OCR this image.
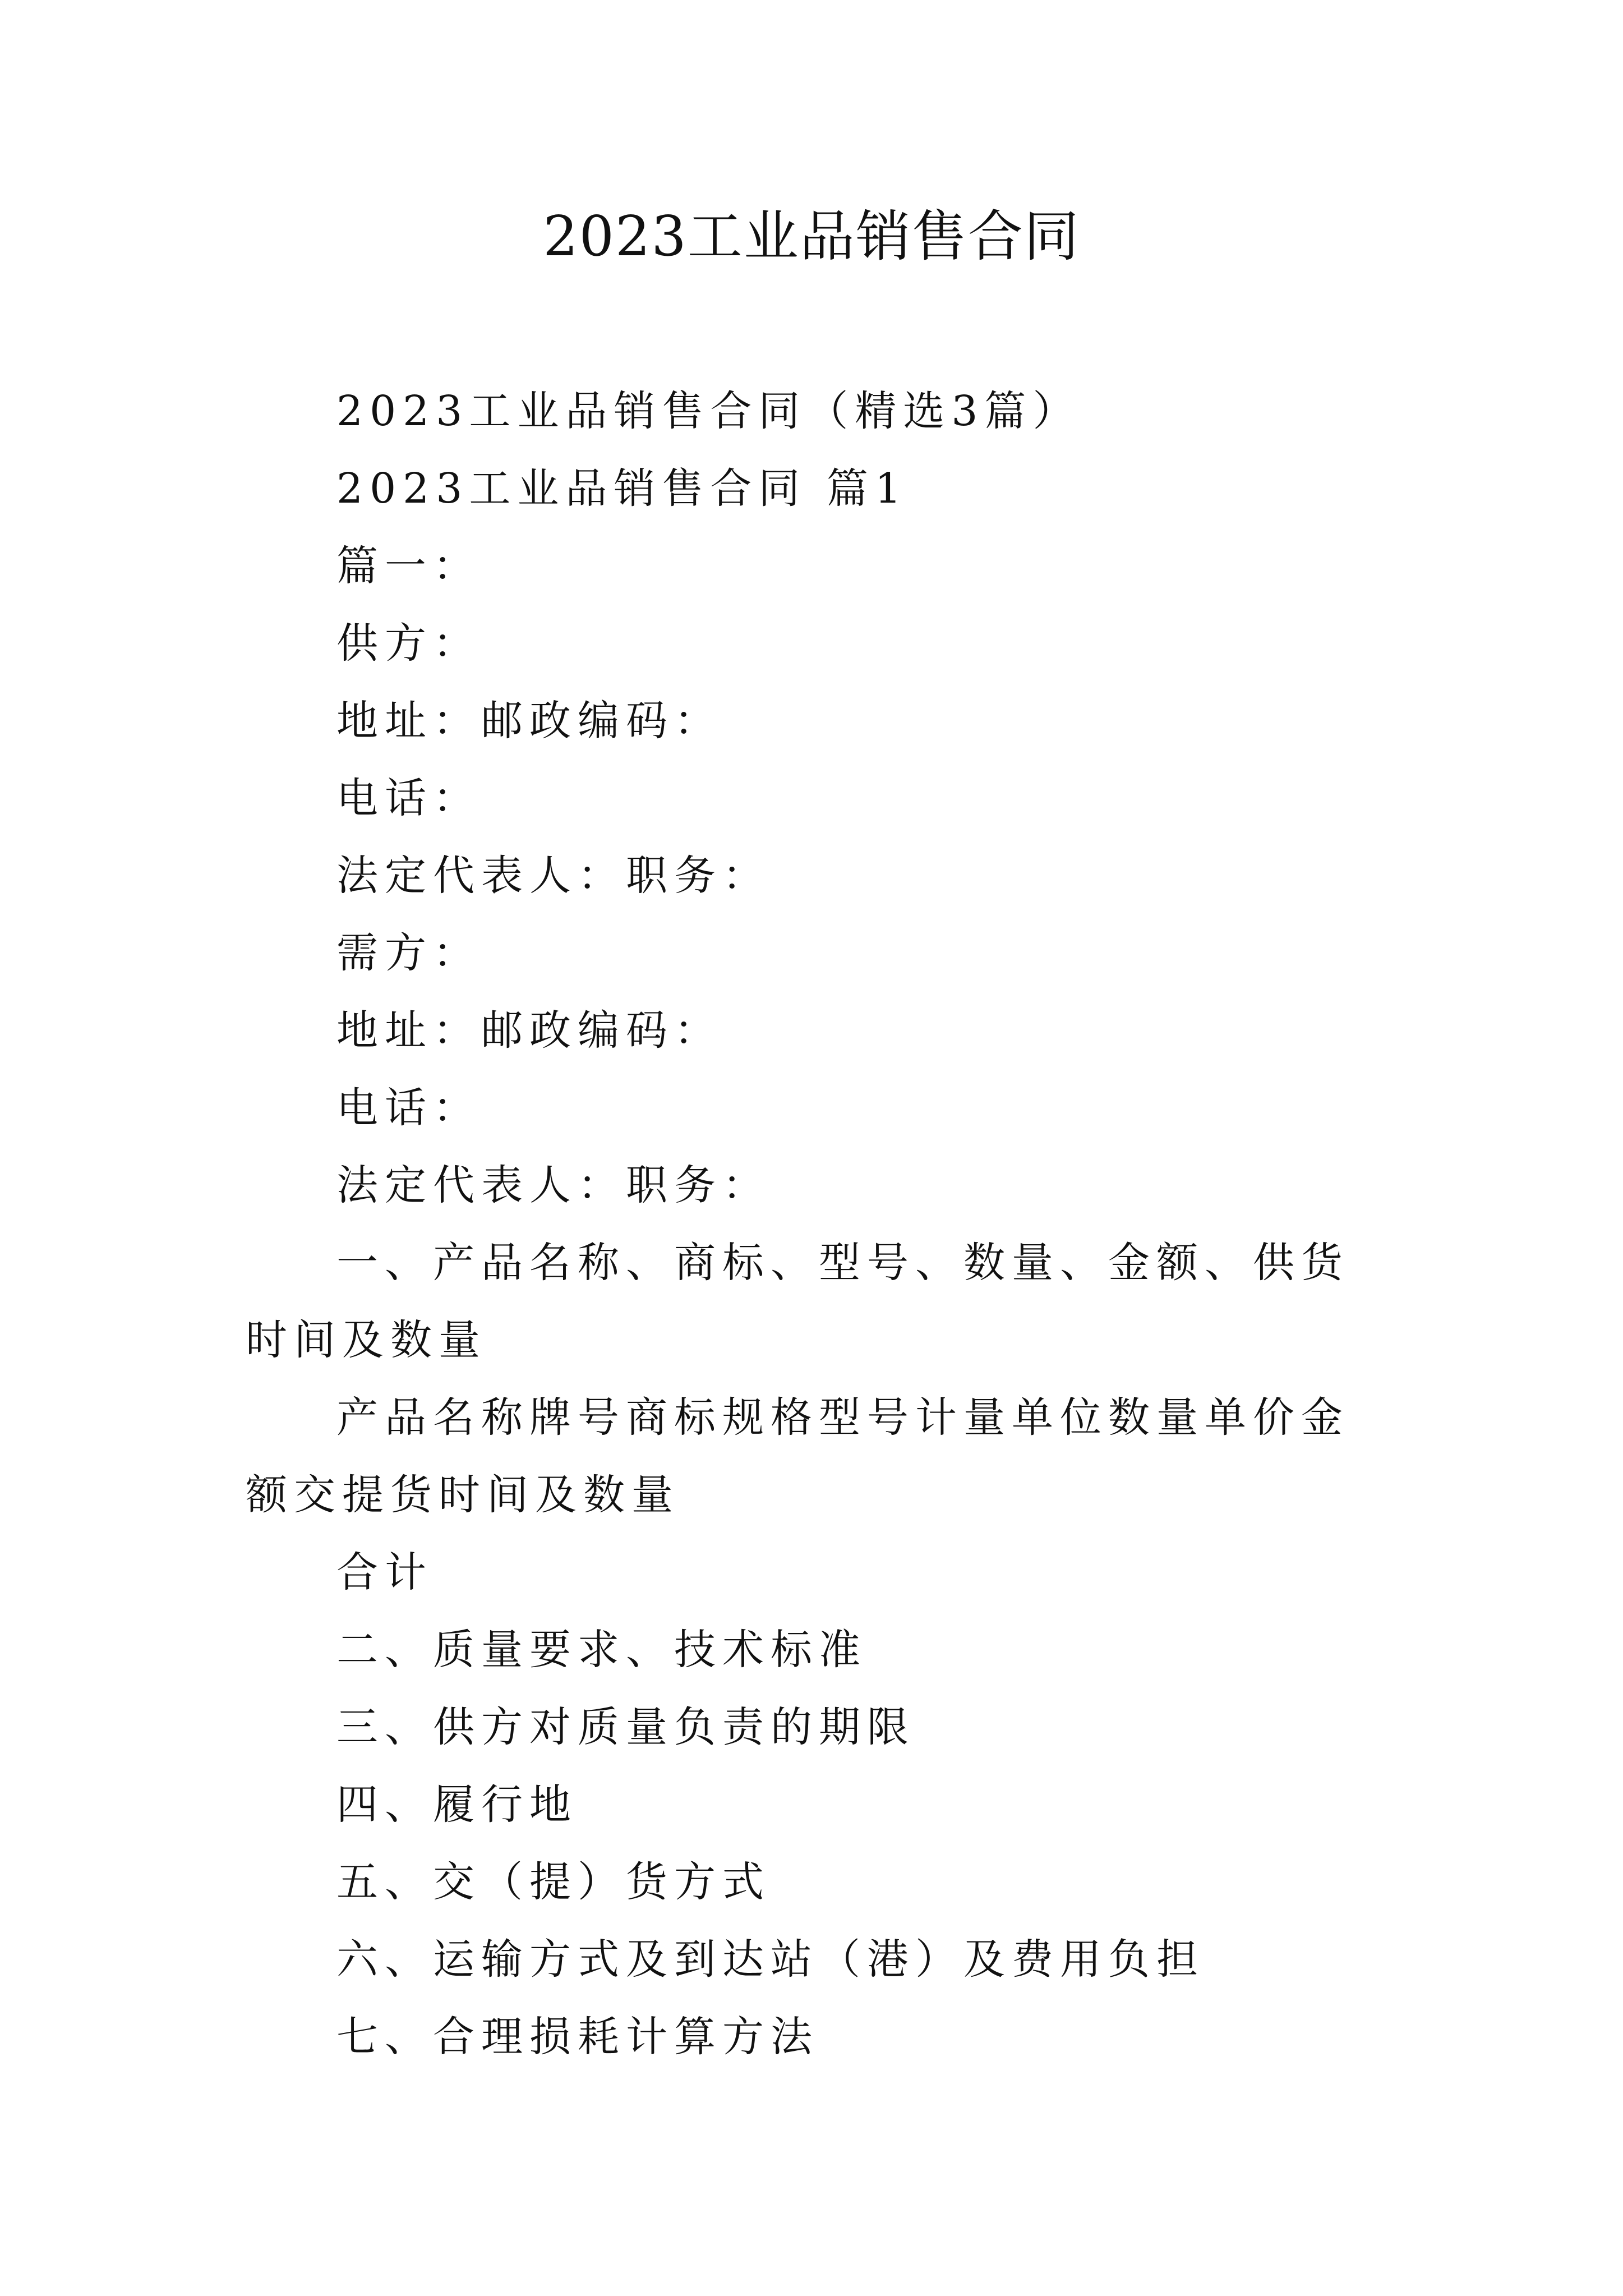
2023工业品销售合同

2023工业品销售合同（精选3篇）

2023工业品销售合同 篇1

篇一：

供方：

地址：邮政编码：

电话：

法定代表人：职务：

需方：

地址：邮政编码：

电话：

法定代表人：职务：

一、产品名称、商标、型号、数量、金额、供货时间及数量

产品名称牌号商标规格型号计量单位数量单价金额交提货时间及数量

合计

二、质量要求、技术标准

三、供方对质量负责的期限

四、履行地

五、交（提）货方式

六、运输方式及到达站（港）及费用负担

七、合理损耗计算方法
